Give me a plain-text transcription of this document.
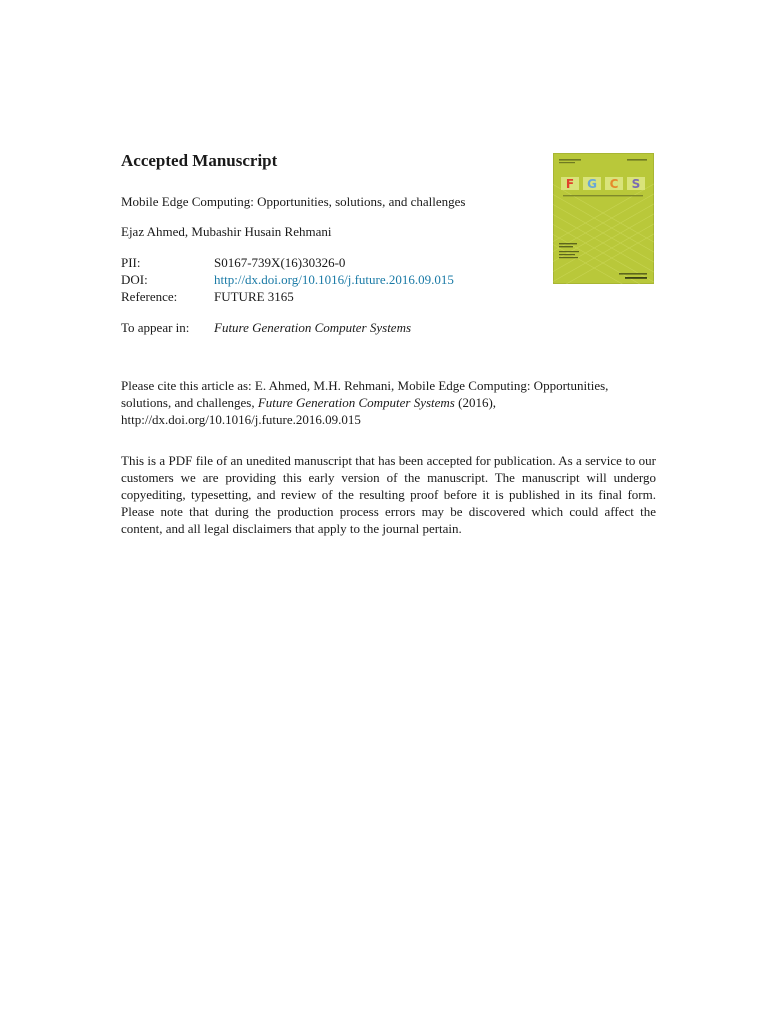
Accepted Manuscript
Mobile Edge Computing: Opportunities, solutions, and challenges
Ejaz Ahmed, Mubashir Husain Rehmani
PII:	S0167-739X(16)30326-0
DOI:	http://dx.doi.org/10.1016/j.future.2016.09.015
Reference:	FUTURE 3165
To appear in: Future Generation Computer Systems
Please cite this article as: E. Ahmed, M.H. Rehmani, Mobile Edge Computing: Opportunities,
solutions, and challenges, Future Generation Computer Systems (2016),
http://dx.doi.org/10.1016/j.future.2016.09.015

This is a PDF file of an unedited manuscript that has been accepted for publication. As a service to our customers we are providing this early version of the manuscript. The manuscript will undergo copyediting, typesetting, and review of the resulting proof before it is published in its final form. Please note that during the production process errors may be discovered which could affect the content, and all legal disclaimers that apply to the journal pertain.

F G C S
